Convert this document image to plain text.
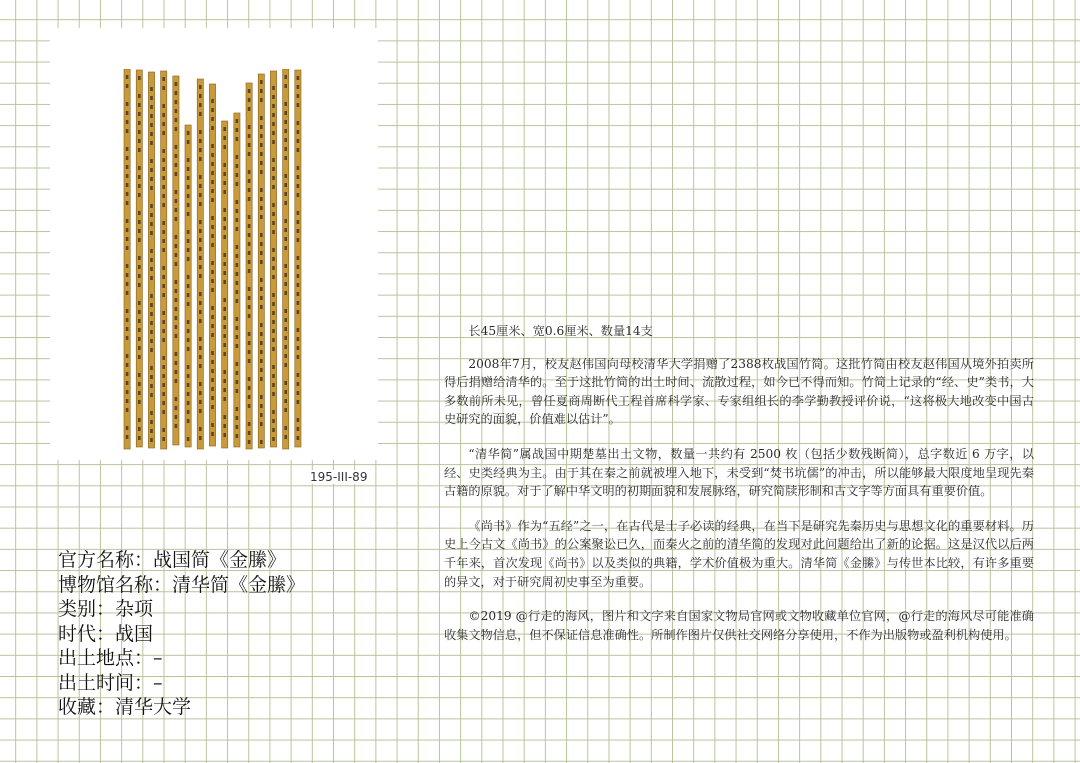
195-III-89
官方名称：战国简《金縢》
博物馆名称：清华简《金縢》
类别：杂项
时代：战国
出土地点：–
出土时间：–
收藏：清华大学

长45厘米、宽0.6厘米、数量14支

2008年7月，校友赵伟国向母校清华大学捐赠了2388枚战国竹简。这批竹简由校友赵伟国从境外拍卖所得后捐赠给清华的。至于这批竹简的出土时间、流散过程，如今已不得而知。竹简上记录的“经、史”类书，大多数前所未见，曾任夏商周断代工程首席科学家、专家组组长的李学勤教授评价说，“这将极大地改变中国古史研究的面貌，价值难以估计”。

“清华简”属战国中期楚墓出土文物，数量一共约有 2500 枚（包括少数残断简），总字数近 6 万字，以经、史类经典为主。由于其在秦之前就被埋入地下，未受到“焚书坑儒”的冲击，所以能够最大限度地呈现先秦古籍的原貌。对于了解中华文明的初期面貌和发展脉络，研究简牍形制和古文字等方面具有重要价值。

《尚书》作为“五经”之一，在古代是士子必读的经典，在当下是研究先秦历史与思想文化的重要材料。历史上今古文《尚书》的公案聚讼已久，而秦火之前的清华简的发现对此问题给出了新的论据。这是汉代以后两千年来，首次发现《尚书》以及类似的典籍，学术价值极为重大。清华简《金縢》与传世本比较，有许多重要的异文，对于研究周初史事至为重要。

©2019 @行走的海风，图片和文字来自国家文物局官网或文物收藏单位官网，@行走的海风尽可能准确收集文物信息，但不保证信息准确性。所制作图片仅供社交网络分享使用，不作为出版物或盈利机构使用。
